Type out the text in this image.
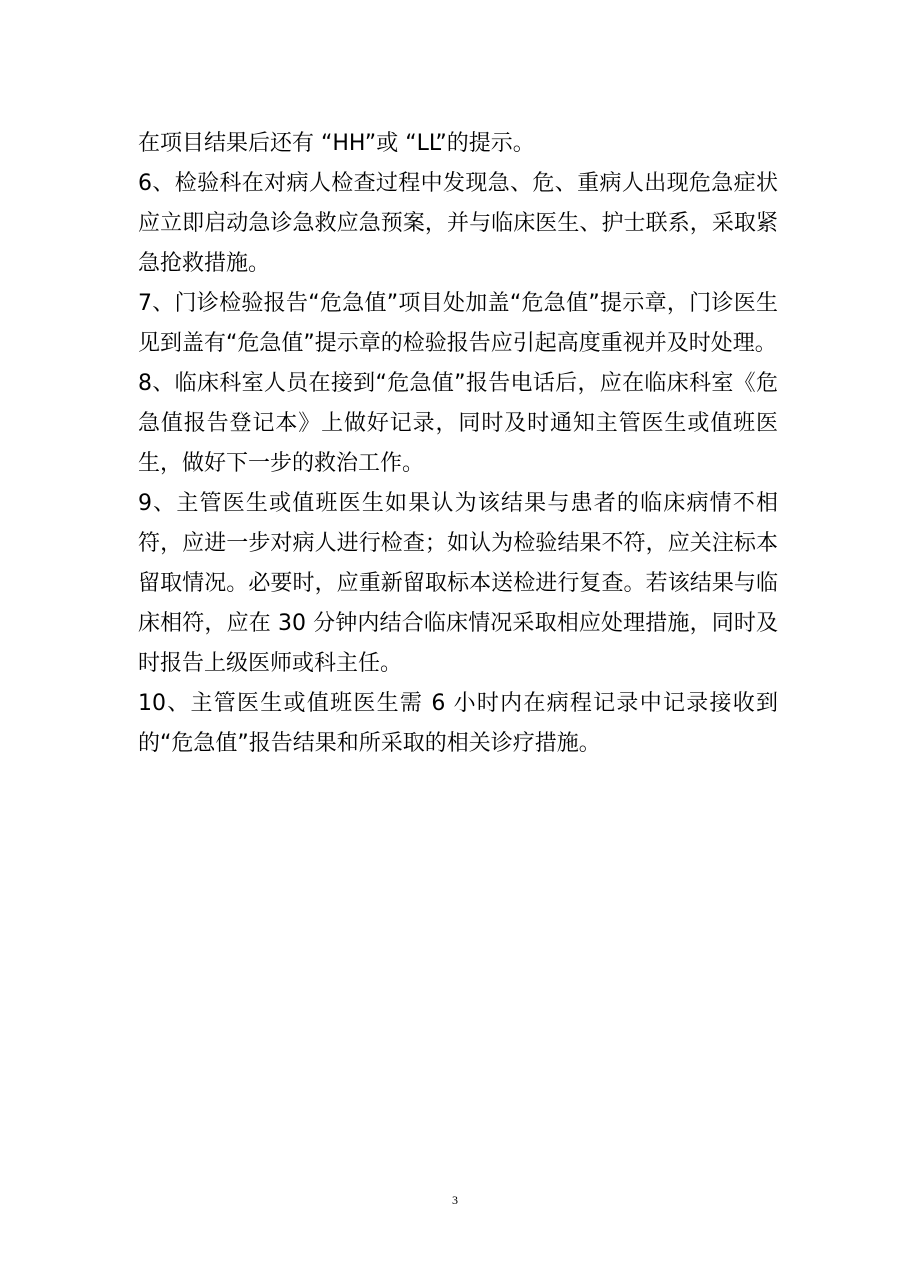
在项目结果后还有 “HH”或 “LL”的提示。

6、检验科在对病人检查过程中发现急、危、重病人出现危急症状应立即启动急诊急救应急预案，并与临床医生、护士联系，采取紧急抢救措施。

7、门诊检验报告“危急值”项目处加盖“危急值”提示章，门诊医生见到盖有“危急值”提示章的检验报告应引起高度重视并及时处理。

8、临床科室人员在接到“危急值”报告电话后，应在临床科室《危急值报告登记本》上做好记录，同时及时通知主管医生或值班医生，做好下一步的救治工作。

9、主管医生或值班医生如果认为该结果与患者的临床病情不相符，应进一步对病人进行检查；如认为检验结果不符，应关注标本留取情况。必要时，应重新留取标本送检进行复查。若该结果与临床相符，应在 30 分钟内结合临床情况采取相应处理措施，同时及时报告上级医师或科主任。

10、主管医生或值班医生需 6 小时内在病程记录中记录接收到的“危急值”报告结果和所采取的相关诊疗措施。

3
